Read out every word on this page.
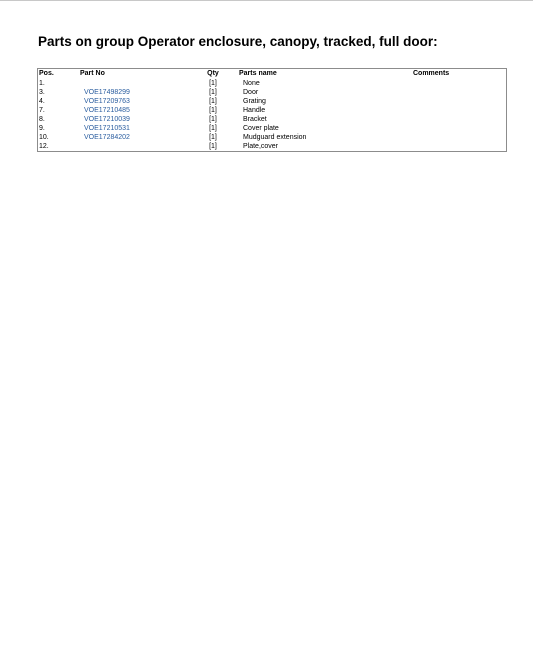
Parts on group Operator enclosure, canopy, tracked, full door:
Pos.	Part No	Qty		Parts name	Comments
1.		[1]		None	
3.	VOE17498299	[1]		Door	
4.	VOE17209763	[1]		Grating	
7.	VOE17210485	[1]		Handle	
8.	VOE17210039	[1]		Bracket	
9.	VOE17210531	[1]		Cover plate	
10.	VOE17284202	[1]		Mudguard extension	
12.		[1]		Plate,cover	
